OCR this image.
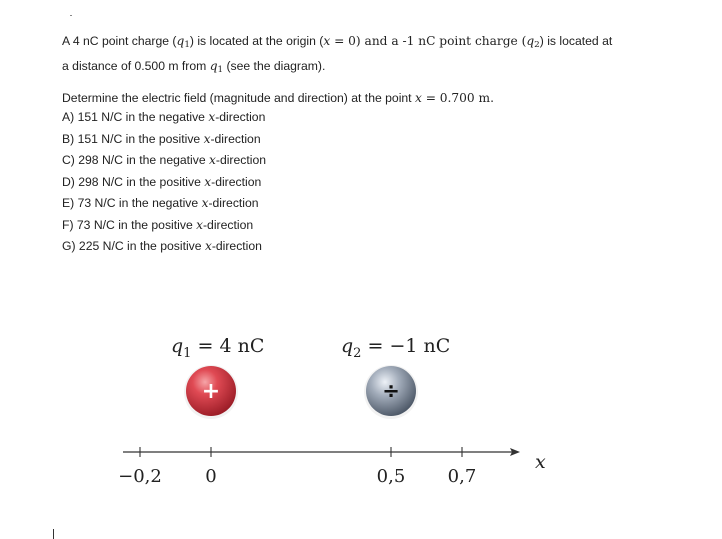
A 4 nC point charge $(q_1)$ is located at the origin (x = 0) and a -1 nC point charge $(q_2)$ is located at

a distance of 0.500 m from $q_1$ (see the diagram).

Determine the electric field (magnitude and direction) at the point x = 0.700 m.

A) 151 N/C in the negative x-direction
B) 151 N/C in the positive x-direction
C) 298 N/C in the negative x-direction
D) 298 N/C in the positive x-direction
E) 73 N/C in the negative x-direction
F) 73 N/C in the positive x-direction
G) 225 N/C in the positive x-direction
$q_1 = 4$ nC	$q_2 = -1$ nC
+	÷
−0,2 0	0,5 0,7
x
